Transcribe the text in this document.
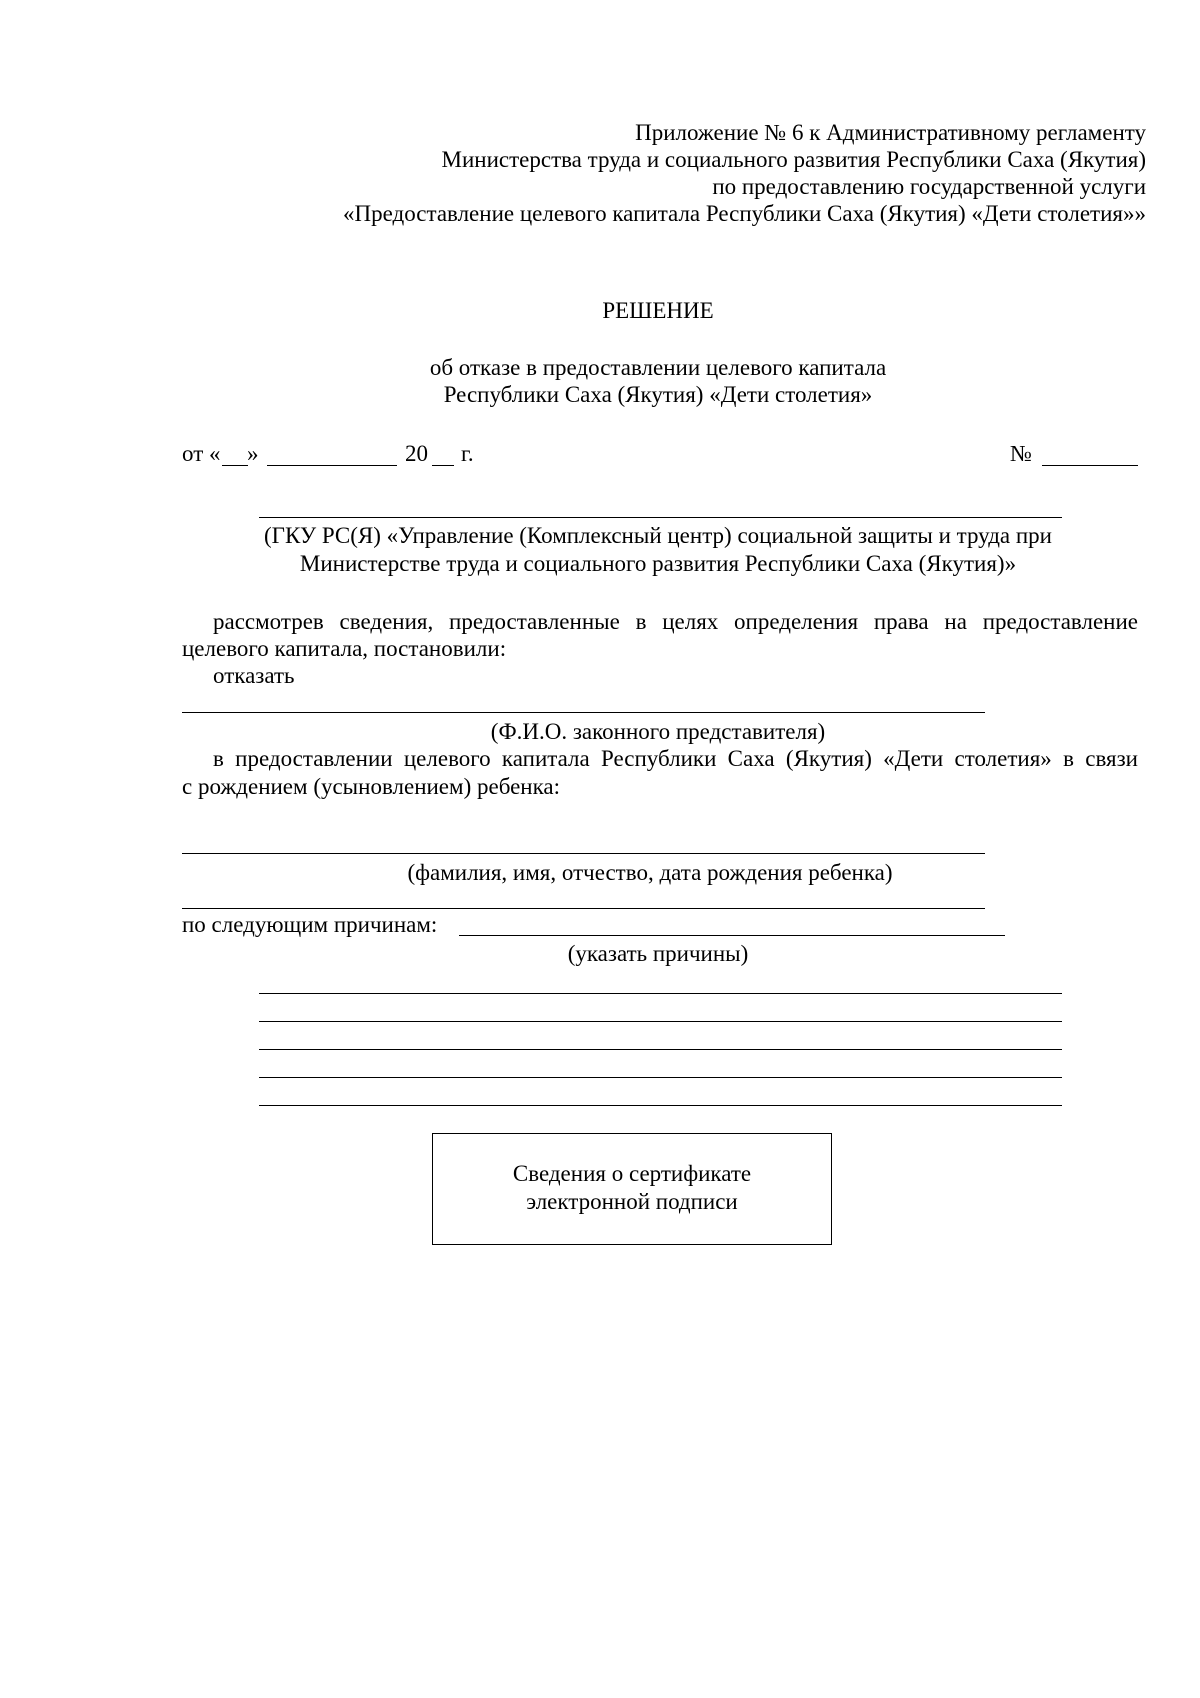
Приложение № 6 к Административному регламенту
Министерства труда и социального развития Республики Саха (Якутия)
по предоставлению государственной услуги
«Предоставление целевого капитала Республики Саха (Якутия) «Дети столетия»»
РЕШЕНИЕ
об отказе в предоставлении целевого капитала
Республики Саха (Якутия) «Дети столетия»
от « »	20 г.	№
(ГКУ РС(Я) «Управление (Комплексный центр) социальной защиты и труда при
Министерстве труда и социального развития Республики Саха (Якутия)»
рассмотрев сведения, предоставленные в целях определения права на предоставление
целевого капитала, постановили:
отказать
(Ф.И.О. законного представителя)
в предоставлении целевого капитала Республики Саха (Якутия) «Дети столетия» в связи
с рождением (усыновлением) ребенка:
(фамилия, имя, отчество, дата рождения ребенка)
по следующим причинам:
(указать причины)
Сведения о сертификате
электронной подписи
